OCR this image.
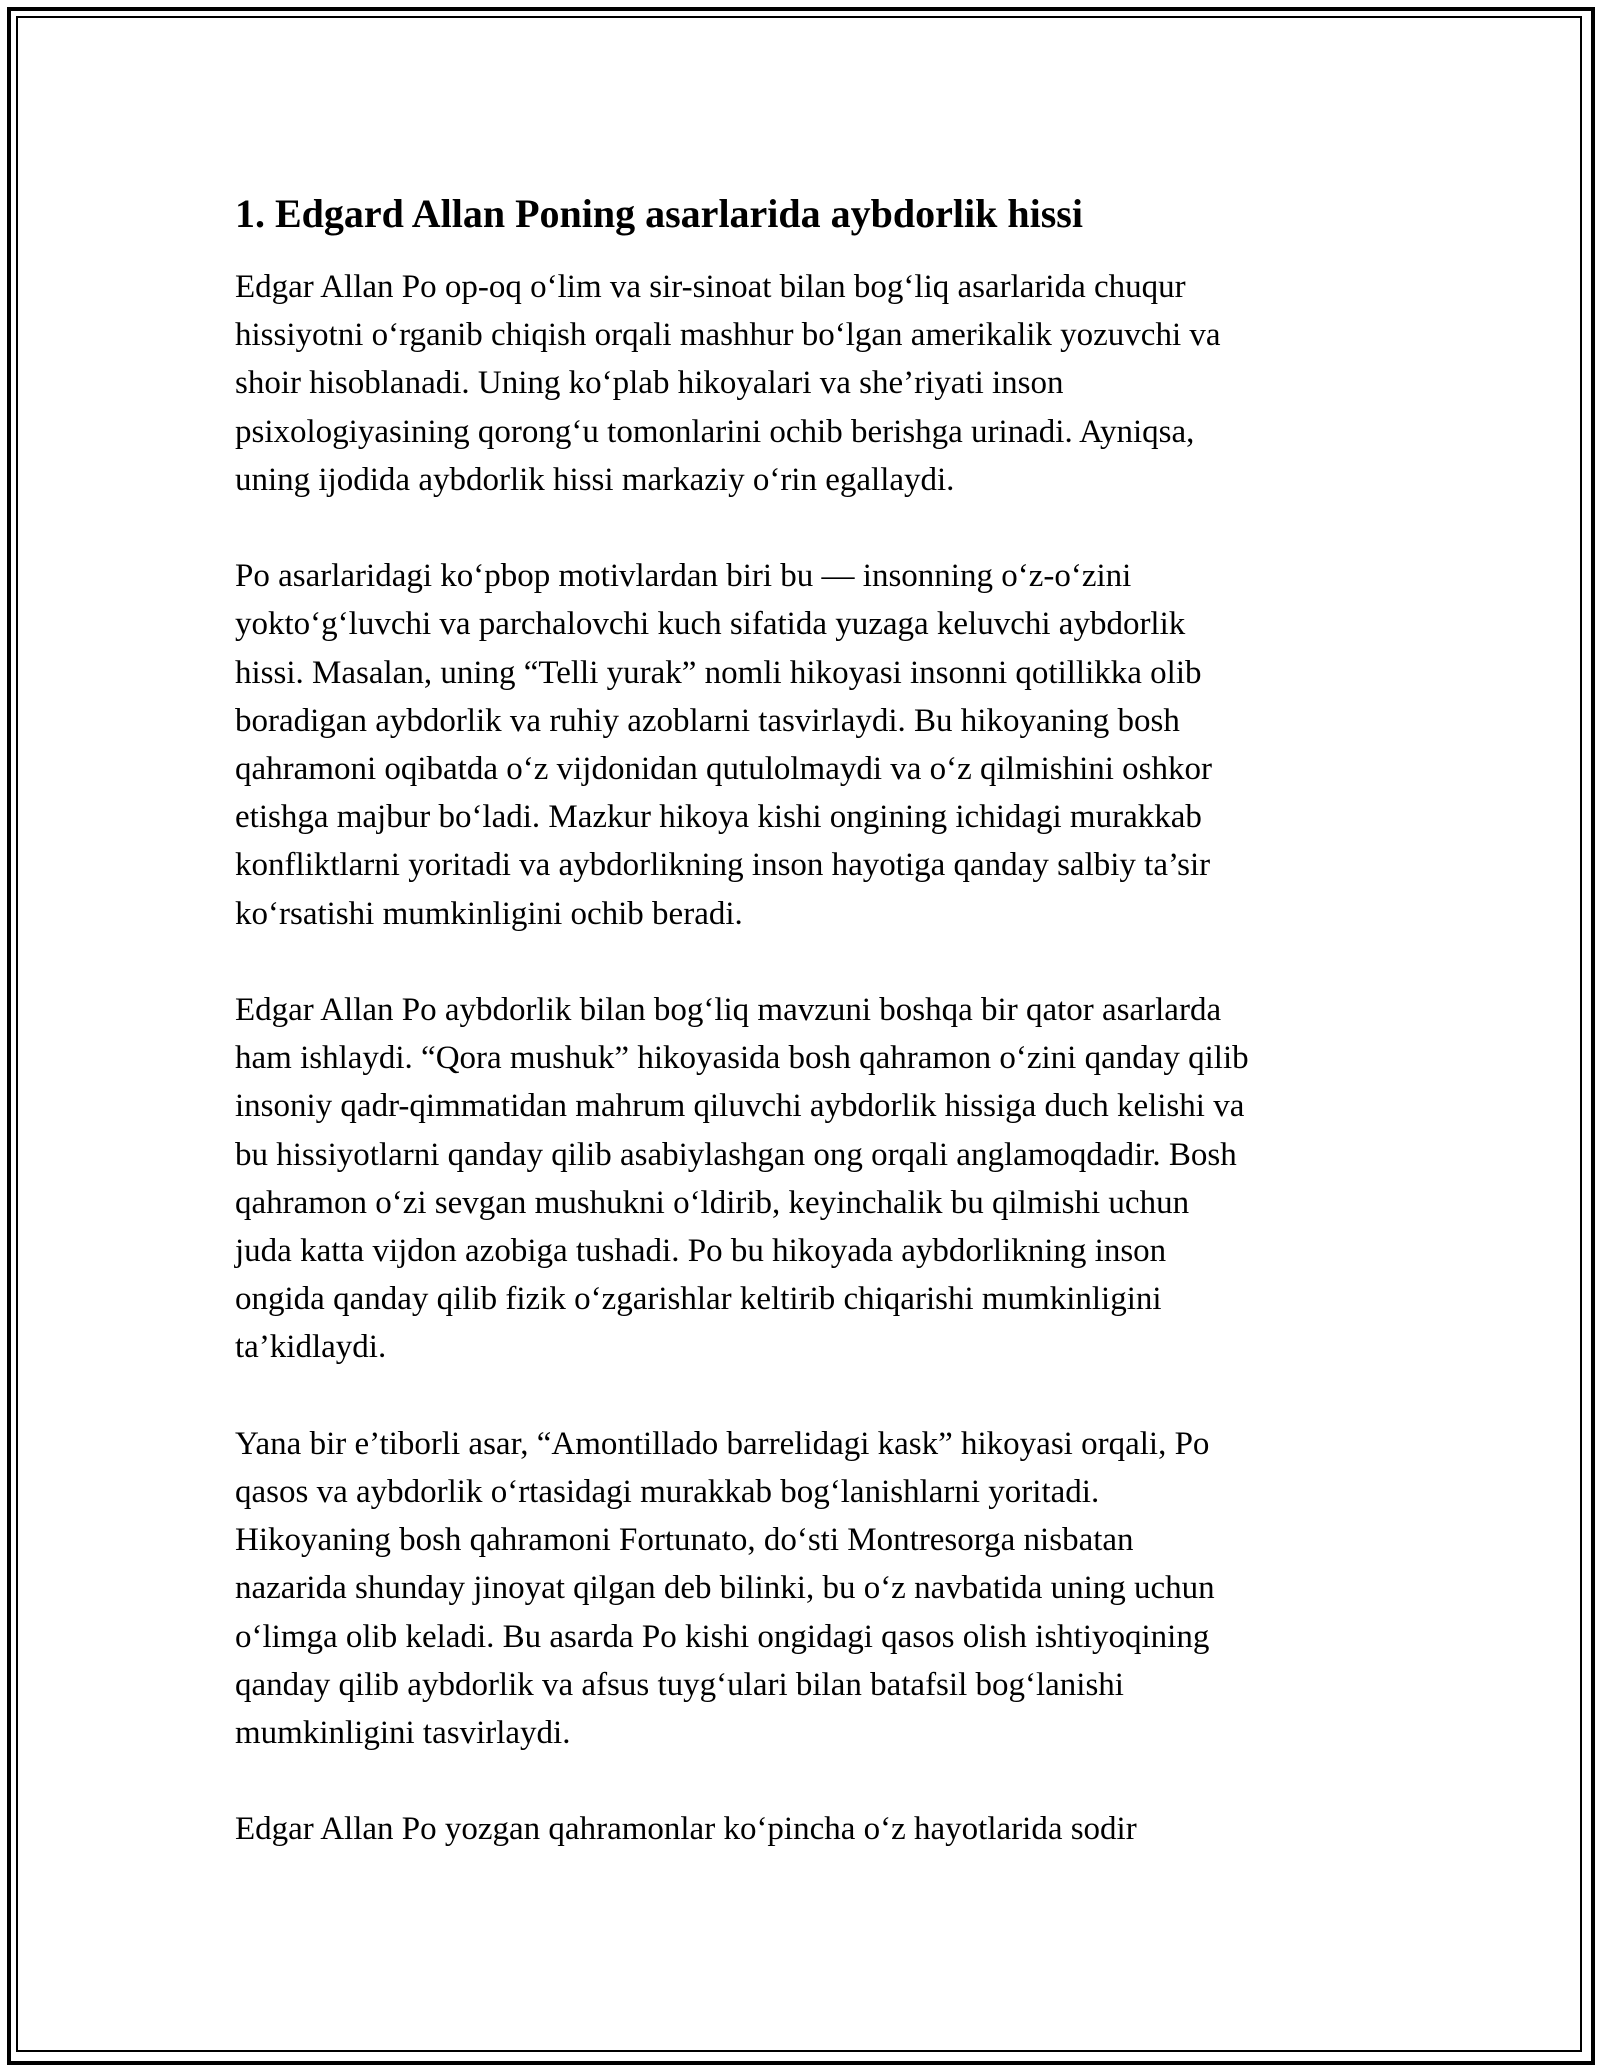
1. Edgard Allan Poning asarlarida aybdorlik hissi
Edgar Allan Po op-oq o‘lim va sir-sinoat bilan bog‘liq asarlarida chuqur
hissiyotni o‘rganib chiqish orqali mashhur bo‘lgan amerikalik yozuvchi va
shoir hisoblanadi. Uning ko‘plab hikoyalari va she’riyati inson
psixologiyasining qorong‘u tomonlarini ochib berishga urinadi. Ayniqsa,
uning ijodida aybdorlik hissi markaziy o‘rin egallaydi.
Po asarlaridagi ko‘pbop motivlardan biri bu — insonning o‘z-o‘zini
yokto‘g‘luvchi va parchalovchi kuch sifatida yuzaga keluvchi aybdorlik
hissi. Masalan, uning “Telli yurak” nomli hikoyasi insonni qotillikka olib
boradigan aybdorlik va ruhiy azoblarni tasvirlaydi. Bu hikoyaning bosh
qahramoni oqibatda o‘z vijdonidan qutulolmaydi va o‘z qilmishini oshkor
etishga majbur bo‘ladi. Mazkur hikoya kishi ongining ichidagi murakkab
konfliktlarni yoritadi va aybdorlikning inson hayotiga qanday salbiy ta’sir
ko‘rsatishi mumkinligini ochib beradi.
Edgar Allan Po aybdorlik bilan bog‘liq mavzuni boshqa bir qator asarlarda
ham ishlaydi. “Qora mushuk” hikoyasida bosh qahramon o‘zini qanday qilib
insoniy qadr-qimmatidan mahrum qiluvchi aybdorlik hissiga duch kelishi va
bu hissiyotlarni qanday qilib asabiylashgan ong orqali anglamoqdadir. Bosh
qahramon o‘zi sevgan mushukni o‘ldirib, keyinchalik bu qilmishi uchun
juda katta vijdon azobiga tushadi. Po bu hikoyada aybdorlikning inson
ongida qanday qilib fizik o‘zgarishlar keltirib chiqarishi mumkinligini
ta’kidlaydi.
Yana bir e’tiborli asar, “Amontillado barrelidagi kask” hikoyasi orqali, Po
qasos va aybdorlik o‘rtasidagi murakkab bog‘lanishlarni yoritadi.
Hikoyaning bosh qahramoni Fortunato, do‘sti Montresorga nisbatan
nazarida shunday jinoyat qilgan deb bilinki, bu o‘z navbatida uning uchun
o‘limga olib keladi. Bu asarda Po kishi ongidagi qasos olish ishtiyoqining
qanday qilib aybdorlik va afsus tuyg‘ulari bilan batafsil bog‘lanishi
mumkinligini tasvirlaydi.
Edgar Allan Po yozgan qahramonlar ko‘pincha o‘z hayotlarida sodir
